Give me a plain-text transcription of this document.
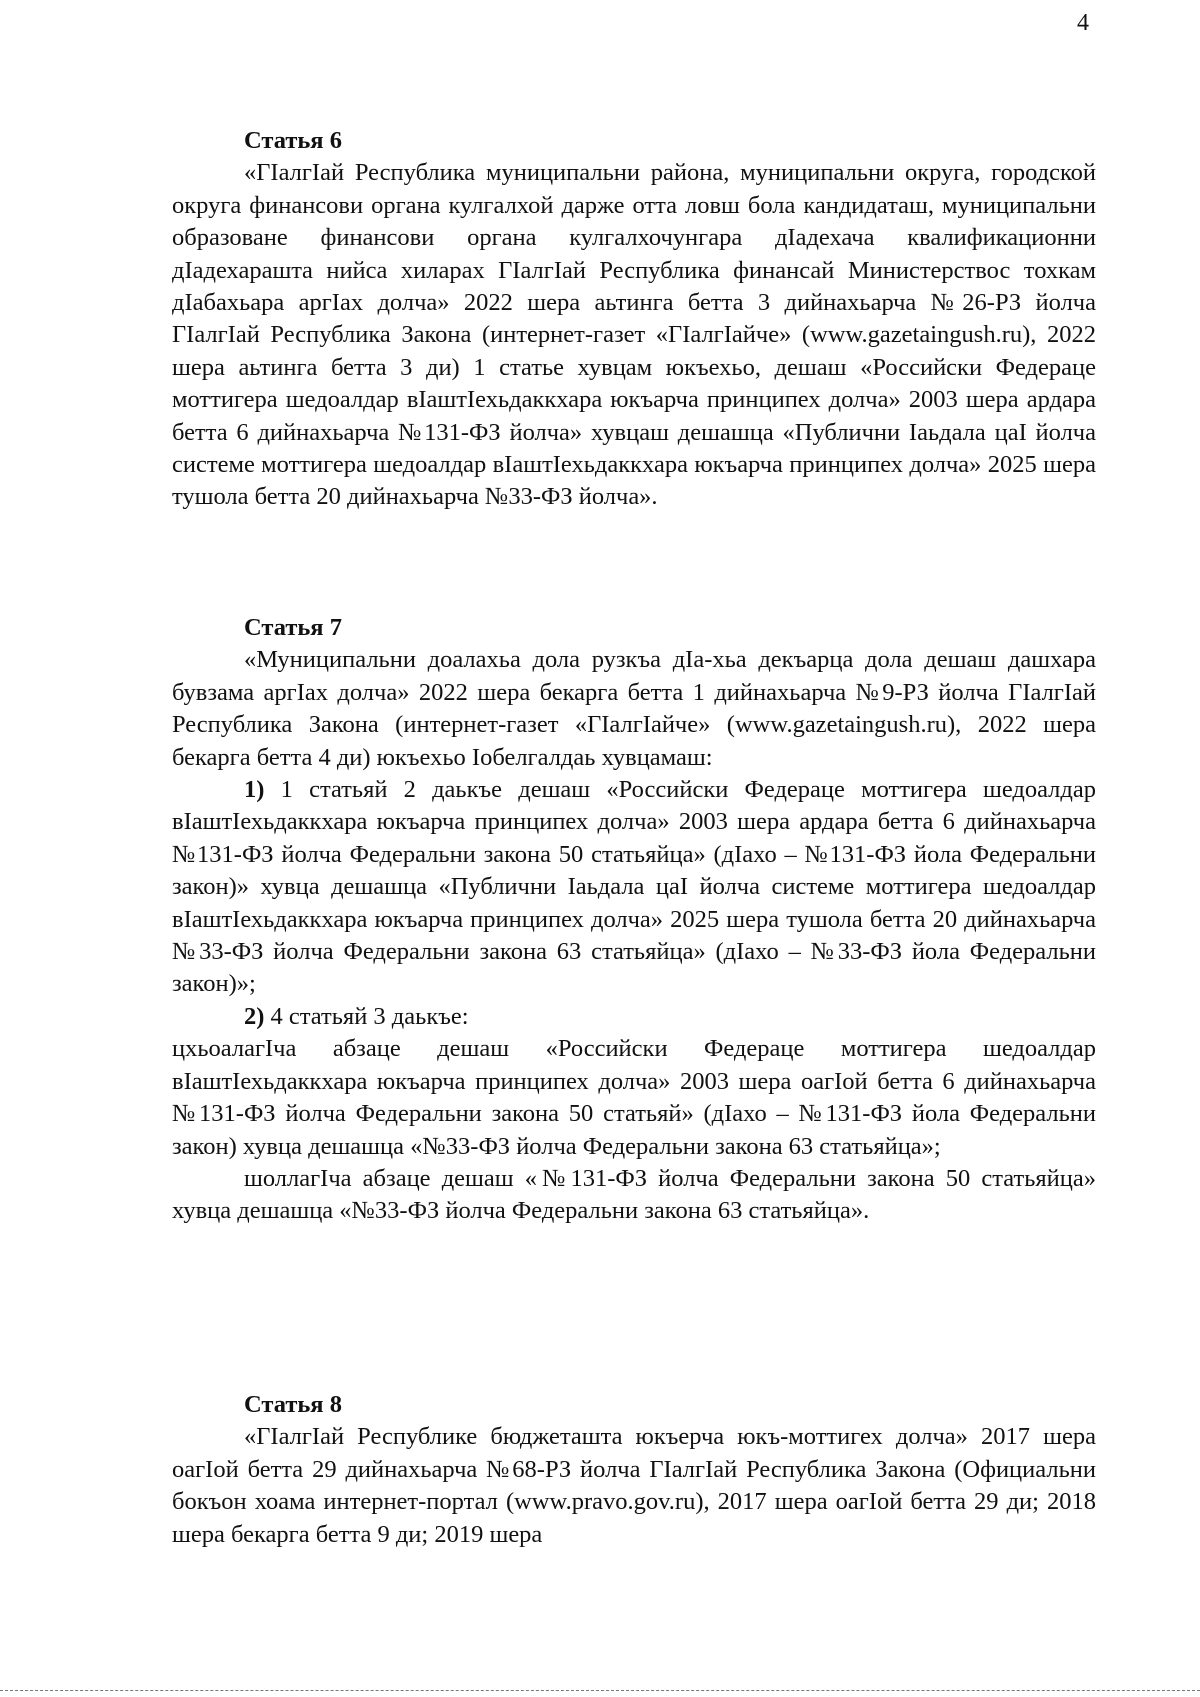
4
Статья 6

«ГӀалгӀай Республика муниципальни района, муниципальни округа, городской округа финансови органа кулгалхой дарже отта ловш бола кандидаташ, муниципальни образоване финансови органа кулгалхочунгара дӀадехача квалификационни дӀадехараштa нийсa хиларах ГӀалгӀай Республика финансай Министерствос тохкам дӀабахьара аргӀах долча» 2022 шера аьтинга бетта 3 дийнахьарча №26-РЗ йолча ГӀалгӀай Республика Закона (интернет-газет «ГӀалгӀайче» (www.gazetaingush.ru), 2022 шера аьтинга бетта 3 ди) 1 статье хувцам юкъехьо, дешаш «Российски Федераце моттигера шедоалдар вӀаштӀехьдаккхара юкъарча принципех долча» 2003 шера ардара бетта 6 дийнахьарча №131-ФЗ йолча» хувцаш дешашца «Публични Ӏаьдала цаӀ йолча системе моттигера шедоалдар вӀаштӀехьдаккхара юкъарча принципех долча» 2025 шера тушола бетта 20 дийнахьарча №33-ФЗ йолча».

Статья 7

«Муниципальни доалахьа дола рузкъа дӀа-хьа декъарца дола дешаш дашхара бувзама аргӀах долча» 2022 шера бекарга бетта 1 дийнахьарча №9-РЗ йолча ГӀалгӀай Республика Закона (интернет-газет «ГӀалгӀайче» (www.gazetaingush.ru), 2022 шера бекарга бетта 4 ди) юкъехьо Ӏобелгалдаь хувцамаш:

1) 1 статьяй 2 даькъе дешаш «Российски Федераце моттигера шедоалдар вӀаштӀехьдаккхара юкъарча принципех долча» 2003 шера ардара бетта 6 дийнахьарча №131-ФЗ йолча Федеральни закона 50 статьяйца» (дӀахо – №131-ФЗ йола Федеральни закон)» хувца дешашца «Публични Ӏаьдала цаӀ йолча системе моттигера шедоалдар вӀаштӀехьдаккхара юкъарча принципех долча» 2025 шера тушола бетта 20 дийнахьарча №33-ФЗ йолча Федеральни закона 63 статьяйца» (дӀахо – №33-ФЗ йола Федеральни закон)»;

2) 4 статьяй 3 даькъе:

цхьоалагӀча абзаце дешаш «Российски Федераце моттигера шедоалдар вӀаштӀехьдаккхара юкъарча принципех долча» 2003 шера оагӀой бетта 6 дийнахьарча №131-ФЗ йолча Федеральни закона 50 статьяй» (дӀахо – №131-ФЗ йола Федеральни закон) хувца дешашца «№33-ФЗ йолча Федеральни закона 63 статьяйца»;

шоллагӀча абзаце дешаш «№131-ФЗ йолча Федеральни закона 50 статьяйца» хувца дешашца «№33-ФЗ йолча Федеральни закона 63 статьяйца».

Статья 8

«ГӀалгӀай Республике бюджеташта юкъерча юкъ-моттигех долча» 2017 шера оагӀой бетта 29 дийнахьарча №68-РЗ йолча ГӀалгӀай Республика Закона (Официальни бокъон хоама интернет-портал (www.pravo.gov.ru), 2017 шера оагӀой бетта 29 ди; 2018 шера бекарга бетта 9 ди; 2019 шера
